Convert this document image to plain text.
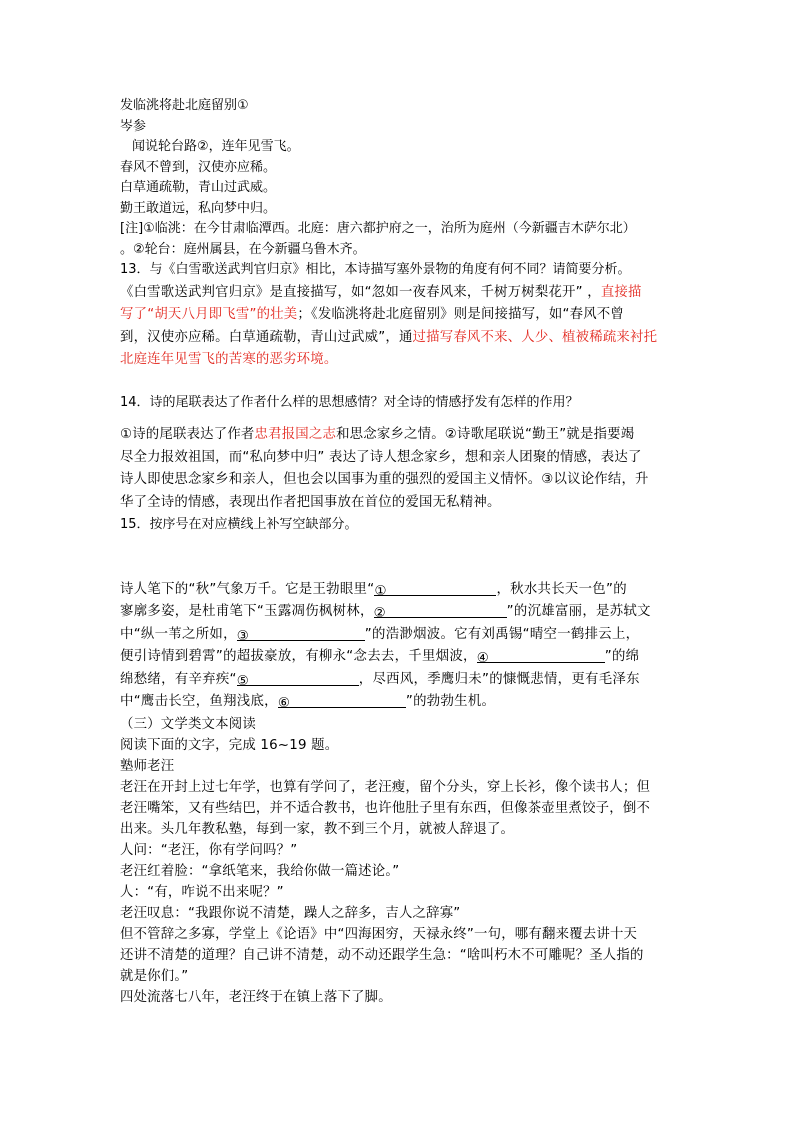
发临洮将赴北庭留别①
岑参
闻说轮台路②，连年见雪飞。
春风不曾到，汉使亦应稀。
白草通疏勒，青山过武威。
勤王敢道远，私向梦中归。
[注]①临洮：在今甘肃临潭西。北庭：唐六都护府之一，治所为庭州（今新疆吉木萨尔北）
。②轮台：庭州属县，在今新疆乌鲁木齐。
13．与《白雪歌送武判官归京》相比，本诗描写塞外景物的角度有何不同？请简要分析。

《白雪歌送武判官归京》是直接描写，如“忽如一夜春风来，千树万树梨花开” ，直接描

写了“胡天八月即飞雪”的壮美；《发临洮将赴北庭留别》则是间接描写，如“春风不曾

到，汉使亦应稀。白草通疏勒，青山过武威”，通过描写春风不来、人少、植被稀疏来衬托

北庭连年见雪飞的苦寒的恶劣环境。

14．诗的尾联表达了作者什么样的思想感情？对全诗的情感抒发有怎样的作用？

①诗的尾联表达了作者忠君报国之志和思念家乡之情。②诗歌尾联说“勤王”就是指要竭

尽全力报效祖国，而“私向梦中归” 表达了诗人想念家乡，想和亲人团聚的情感，表达了

诗人即使思念家乡和亲人，但也会以国事为重的强烈的爱国主义情怀。③以议论作结，升

华了全诗的情感，表现出作者把国事放在首位的爱国无私精神。

15．按序号在对应横线上补写空缺部分。
诗人笔下的“秋”气象万千。它是王勃眼里“①	，秋水共长天一色”的
寥廓多姿，是杜甫笔下“玉露凋伤枫树林，②	”的沉雄富丽，是苏轼文
中“纵一苇之所如，③	”的浩渺烟波。它有刘禹锡“晴空一鹤排云上，
便引诗情到碧霄”的超拔豪放，有柳永“念去去，千里烟波，④	”的绵
绵愁绪，有辛弃疾“⑤	，尽西风，季鹰归未”的慷慨悲情，更有毛泽东
中“鹰击长空，鱼翔浅底，⑥	”的勃勃生机。
（三）文学类文本阅读
阅读下面的文字，完成 16~19 题。
塾师老汪
老汪在开封上过七年学，也算有学问了，老汪瘦，留个分头，穿上长衫，像个读书人；但
老汪嘴笨，又有些结巴，并不适合教书，也许他肚子里有东西，但像茶壶里煮饺子，倒不
出来。头几年教私塾，每到一家，教不到三个月，就被人辞退了。
人问：“老汪，你有学问吗？”
老汪红着脸：“拿纸笔来，我给你做一篇述论。”
人：“有，咋说不出来呢？”
老汪叹息：“我跟你说不清楚，躁人之辞多，吉人之辞寡”
但不管辞之多寡，学堂上《论语》中“四海困穷，天禄永终”一句，哪有翻来覆去讲十天
还讲不清楚的道理？自己讲不清楚，动不动还跟学生急：“啥叫朽木不可雕呢？圣人指的
就是你们。”
四处流落七八年，老汪终于在镇上落下了脚。
